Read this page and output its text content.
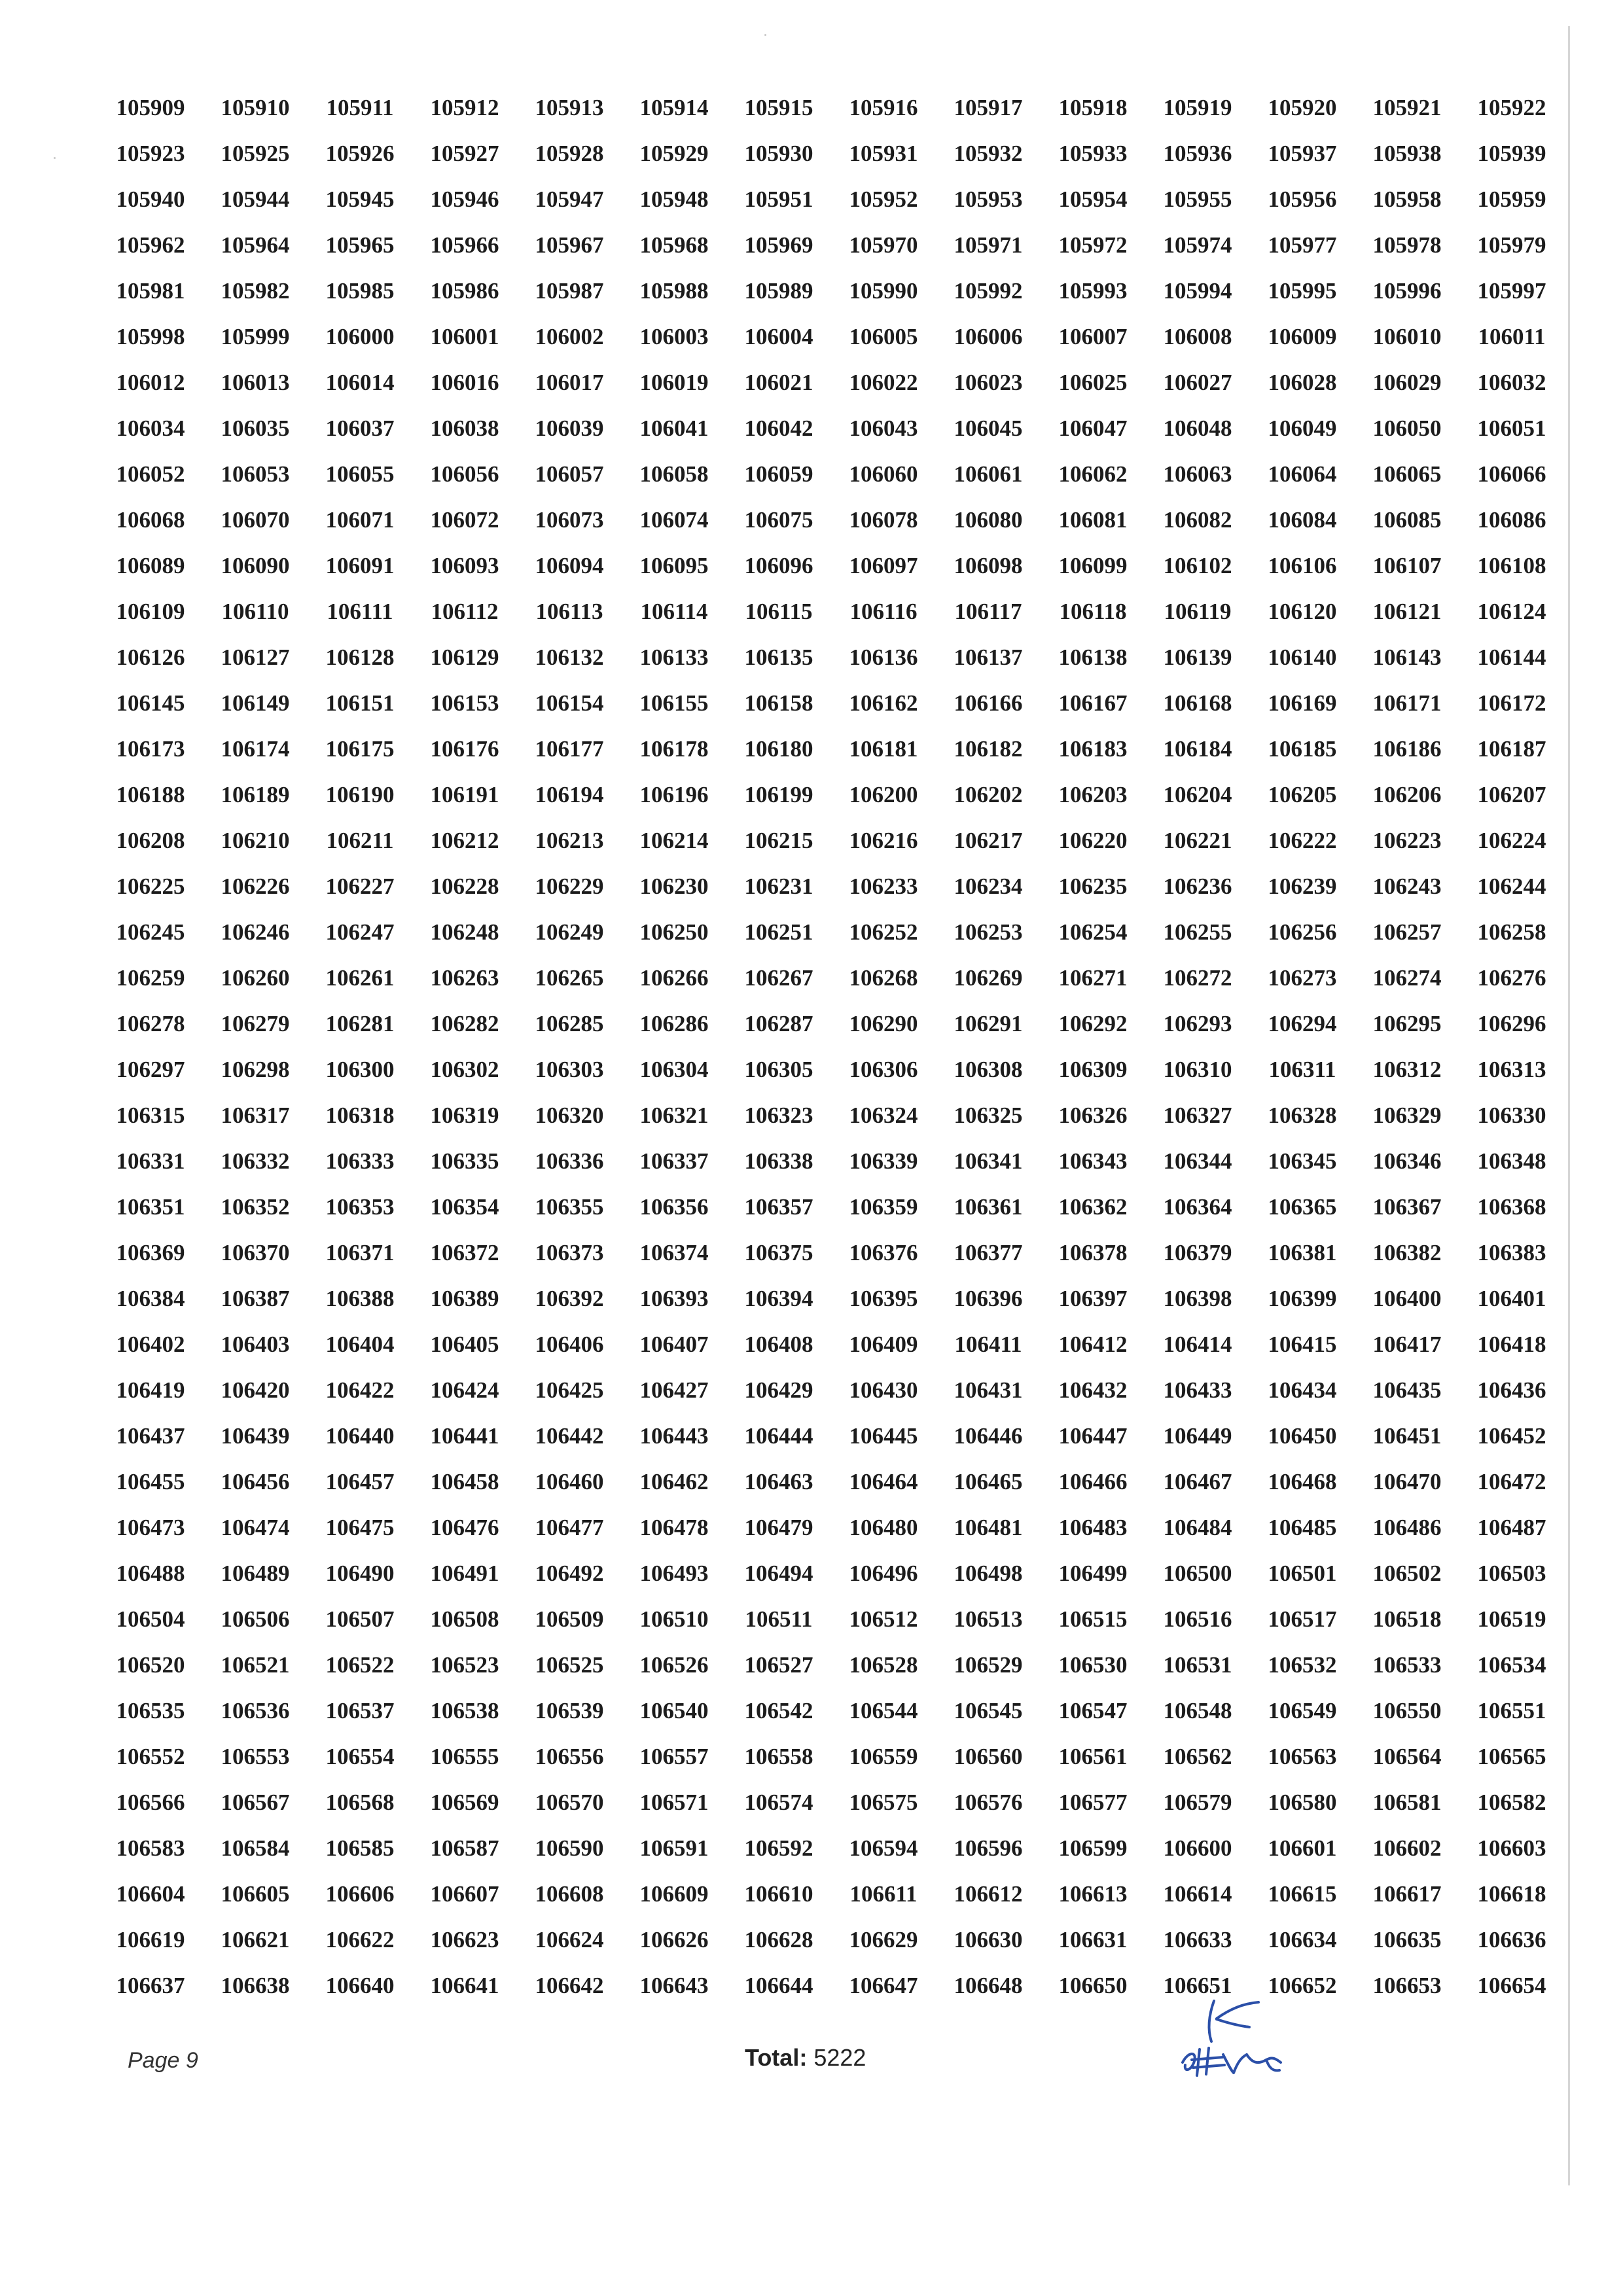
105909	105910	105911	105912	105913	105914	105915	105916	105917	105918	105919	105920	105921	105922
105923	105925	105926	105927	105928	105929	105930	105931	105932	105933	105936	105937	105938	105939
105940	105944	105945	105946	105947	105948	105951	105952	105953	105954	105955	105956	105958	105959
105962	105964	105965	105966	105967	105968	105969	105970	105971	105972	105974	105977	105978	105979
105981	105982	105985	105986	105987	105988	105989	105990	105992	105993	105994	105995	105996	105997
105998	105999	106000	106001	106002	106003	106004	106005	106006	106007	106008	106009	106010	106011
106012	106013	106014	106016	106017	106019	106021	106022	106023	106025	106027	106028	106029	106032
106034	106035	106037	106038	106039	106041	106042	106043	106045	106047	106048	106049	106050	106051
106052	106053	106055	106056	106057	106058	106059	106060	106061	106062	106063	106064	106065	106066
106068	106070	106071	106072	106073	106074	106075	106078	106080	106081	106082	106084	106085	106086
106089	106090	106091	106093	106094	106095	106096	106097	106098	106099	106102	106106	106107	106108
106109	106110	106111	106112	106113	106114	106115	106116	106117	106118	106119	106120	106121	106124
106126	106127	106128	106129	106132	106133	106135	106136	106137	106138	106139	106140	106143	106144
106145	106149	106151	106153	106154	106155	106158	106162	106166	106167	106168	106169	106171	106172
106173	106174	106175	106176	106177	106178	106180	106181	106182	106183	106184	106185	106186	106187
106188	106189	106190	106191	106194	106196	106199	106200	106202	106203	106204	106205	106206	106207
106208	106210	106211	106212	106213	106214	106215	106216	106217	106220	106221	106222	106223	106224
106225	106226	106227	106228	106229	106230	106231	106233	106234	106235	106236	106239	106243	106244
106245	106246	106247	106248	106249	106250	106251	106252	106253	106254	106255	106256	106257	106258
106259	106260	106261	106263	106265	106266	106267	106268	106269	106271	106272	106273	106274	106276
106278	106279	106281	106282	106285	106286	106287	106290	106291	106292	106293	106294	106295	106296
106297	106298	106300	106302	106303	106304	106305	106306	106308	106309	106310	106311	106312	106313
106315	106317	106318	106319	106320	106321	106323	106324	106325	106326	106327	106328	106329	106330
106331	106332	106333	106335	106336	106337	106338	106339	106341	106343	106344	106345	106346	106348
106351	106352	106353	106354	106355	106356	106357	106359	106361	106362	106364	106365	106367	106368
106369	106370	106371	106372	106373	106374	106375	106376	106377	106378	106379	106381	106382	106383
106384	106387	106388	106389	106392	106393	106394	106395	106396	106397	106398	106399	106400	106401
106402	106403	106404	106405	106406	106407	106408	106409	106411	106412	106414	106415	106417	106418
106419	106420	106422	106424	106425	106427	106429	106430	106431	106432	106433	106434	106435	106436
106437	106439	106440	106441	106442	106443	106444	106445	106446	106447	106449	106450	106451	106452
106455	106456	106457	106458	106460	106462	106463	106464	106465	106466	106467	106468	106470	106472
106473	106474	106475	106476	106477	106478	106479	106480	106481	106483	106484	106485	106486	106487
106488	106489	106490	106491	106492	106493	106494	106496	106498	106499	106500	106501	106502	106503
106504	106506	106507	106508	106509	106510	106511	106512	106513	106515	106516	106517	106518	106519
106520	106521	106522	106523	106525	106526	106527	106528	106529	106530	106531	106532	106533	106534
106535	106536	106537	106538	106539	106540	106542	106544	106545	106547	106548	106549	106550	106551
106552	106553	106554	106555	106556	106557	106558	106559	106560	106561	106562	106563	106564	106565
106566	106567	106568	106569	106570	106571	106574	106575	106576	106577	106579	106580	106581	106582
106583	106584	106585	106587	106590	106591	106592	106594	106596	106599	106600	106601	106602	106603
106604	106605	106606	106607	106608	106609	106610	106611	106612	106613	106614	106615	106617	106618
106619	106621	106622	106623	106624	106626	106628	106629	106630	106631	106633	106634	106635	106636
106637	106638	106640	106641	106642	106643	106644	106647	106648	106650	106651	106652	106653	106654
Page 9	Total: 5222
